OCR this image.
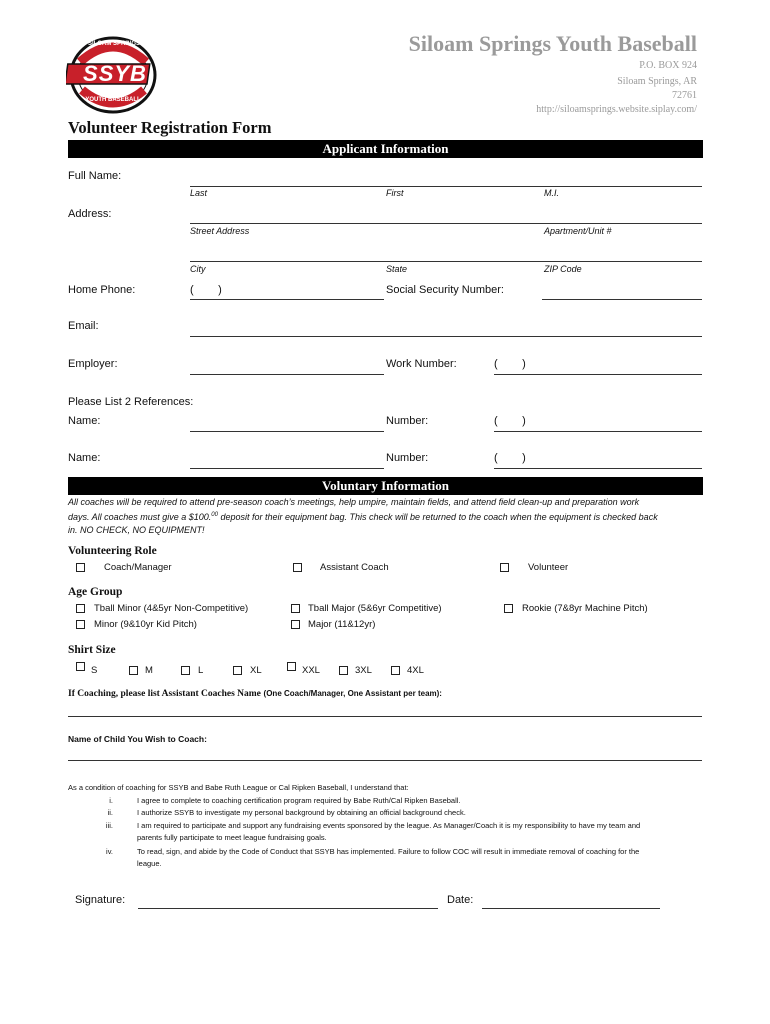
SSYB
SILOAM SPRINGS
YOUTH BASEBALL
Siloam Springs Youth Baseball
P.O. BOX 924
Siloam Springs, AR
72761
http://siloamsprings.website.siplay.com/
Volunteer Registration Form
Applicant Information
Full Name:
Last	First	M.I.
Address:
Street Address	Apartment/Unit #
City	State	ZIP Code
Home Phone:	(        )	Social Security Number:
Email:
Employer:	Work Number:	(        )
Please List 2 References:
Name:	Number:	(        )
Name:	Number:	(        )
Voluntary Information
All coaches will be required to attend pre-season coach’s meetings, help umpire, maintain fields, and attend field clean-up and preparation work
days. All coaches must give a $100.00 deposit for their equipment bag. This check will be returned to the coach when the equipment is checked back
in. NO CHECK, NO EQUIPMENT!
Volunteering Role
Coach/Manager	Assistant Coach	Volunteer
Age Group
Tball Minor (4&5yr Non-Competitive)	Tball Major (5&6yr Competitive)	Rookie (7&8yr Machine Pitch)
Minor (9&10yr Kid Pitch)	Major (11&12yr)
Shirt Size
S	M	L	XL	XXL	3XL	4XL
If Coaching, please list Assistant Coaches Name (One Coach/Manager, One Assistant per team):
Name of Child You Wish to Coach:
As a condition of coaching for SSYB and Babe Ruth League or Cal Ripken Baseball, I understand that:
i.	I agree to complete to coaching certification program required by Babe Ruth/Cal Ripken Baseball.
ii.	I authorize SSYB to investigate my personal background by obtaining an official background check.
iii.	I am required to participate and support any fundraising events sponsored by the league. As Manager/Coach it is my responsibility to have my team and
parents fully participate to meet league fundraising goals.
iv.	To read, sign, and abide by the Code of Conduct that SSYB has implemented. Failure to follow COC will result in immediate removal of coaching for the
league.
Signature:	Date:
